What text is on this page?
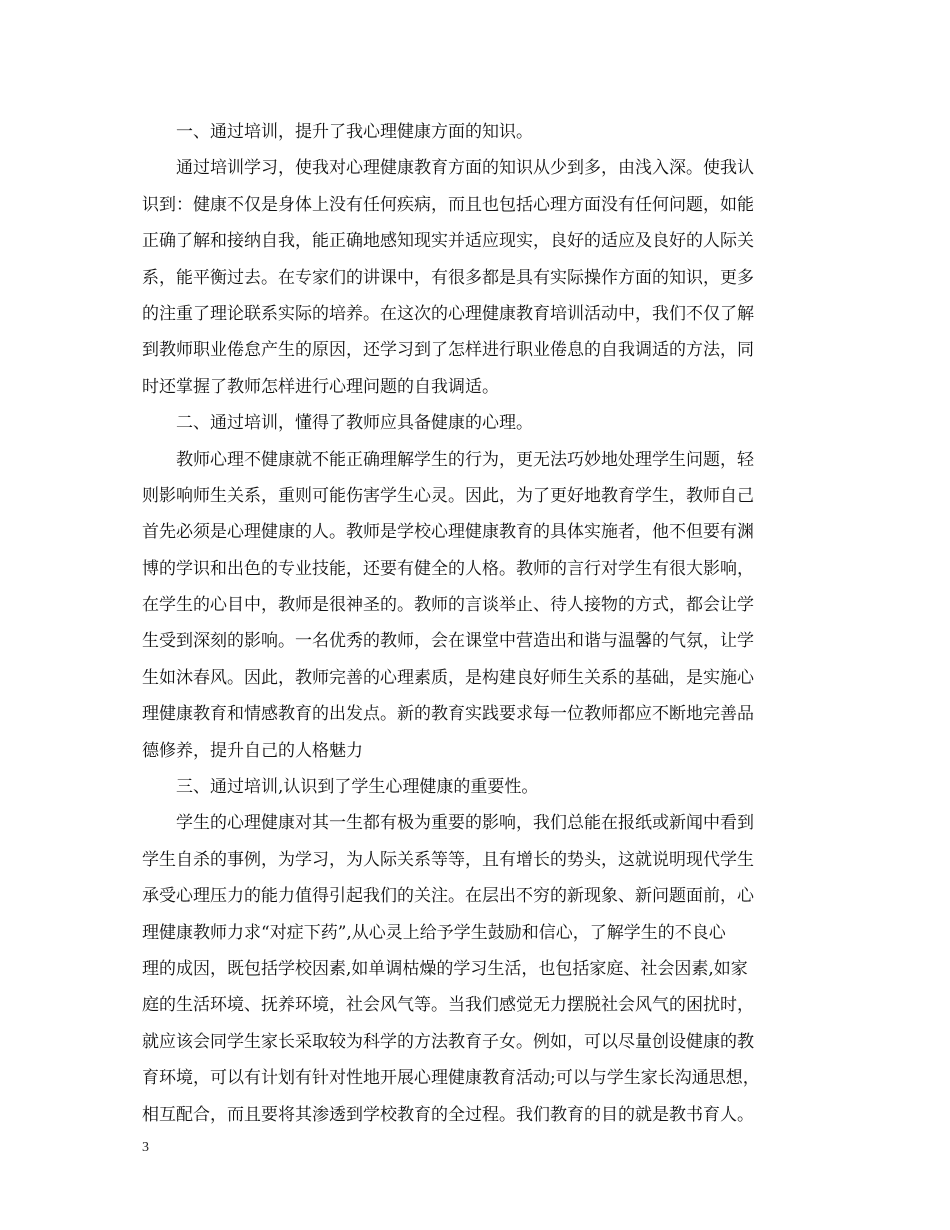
一、通过培训，提升了我心理健康方面的知识。
通过培训学习，使我对心理健康教育方面的知识从少到多，由浅入深。使我认
识到：健康不仅是身体上没有任何疾病，而且也包括心理方面没有任何问题，如能
正确了解和接纳自我，能正确地感知现实并适应现实，良好的适应及良好的人际关
系，能平衡过去。在专家们的讲课中，有很多都是具有实际操作方面的知识，更多
的注重了理论联系实际的培养。在这次的心理健康教育培训活动中，我们不仅了解
到教师职业倦怠产生的原因，还学习到了怎样进行职业倦息的自我调适的方法，同
时还掌握了教师怎样进行心理问题的自我调适。
二、通过培训，懂得了教师应具备健康的心理。
教师心理不健康就不能正确理解学生的行为，更无法巧妙地处理学生问题，轻
则影响师生关系，重则可能伤害学生心灵。因此，为了更好地教育学生，教师自己
首先必须是心理健康的人。教师是学校心理健康教育的具体实施者，他不但要有渊
博的学识和出色的专业技能，还要有健全的人格。教师的言行对学生有很大影响，
在学生的心目中，教师是很神圣的。教师的言谈举止、待人接物的方式，都会让学
生受到深刻的影响。一名优秀的教师，会在课堂中营造出和谐与温馨的气氛，让学
生如沐春风。因此，教师完善的心理素质，是构建良好师生关系的基础，是实施心
理健康教育和情感教育的出发点。新的教育实践要求每一位教师都应不断地完善品
德修养，提升自己的人格魅力
三、通过培训,认识到了学生心理健康的重要性。
学生的心理健康对其一生都有极为重要的影响，我们总能在报纸或新闻中看到
学生自杀的事例，为学习，为人际关系等等，且有增长的势头，这就说明现代学生
承受心理压力的能力值得引起我们的关注。在层出不穷的新现象、新问题面前，心
理健康教师力求“对症下药”,从心灵上给予学生鼓励和信心，了解学生的不良心
理的成因，既包括学校因素,如单调枯燥的学习生活，也包括家庭、社会因素,如家
庭的生活环境、抚养环境，社会风气等。当我们感觉无力摆脱社会风气的困扰时，
就应该会同学生家长采取较为科学的方法教育子女。例如，可以尽量创设健康的教
育环境，可以有计划有针对性地开展心理健康教育活动;可以与学生家长沟通思想，
相互配合，而且要将其渗透到学校教育的全过程。我们教育的目的就是教书育人。
3
